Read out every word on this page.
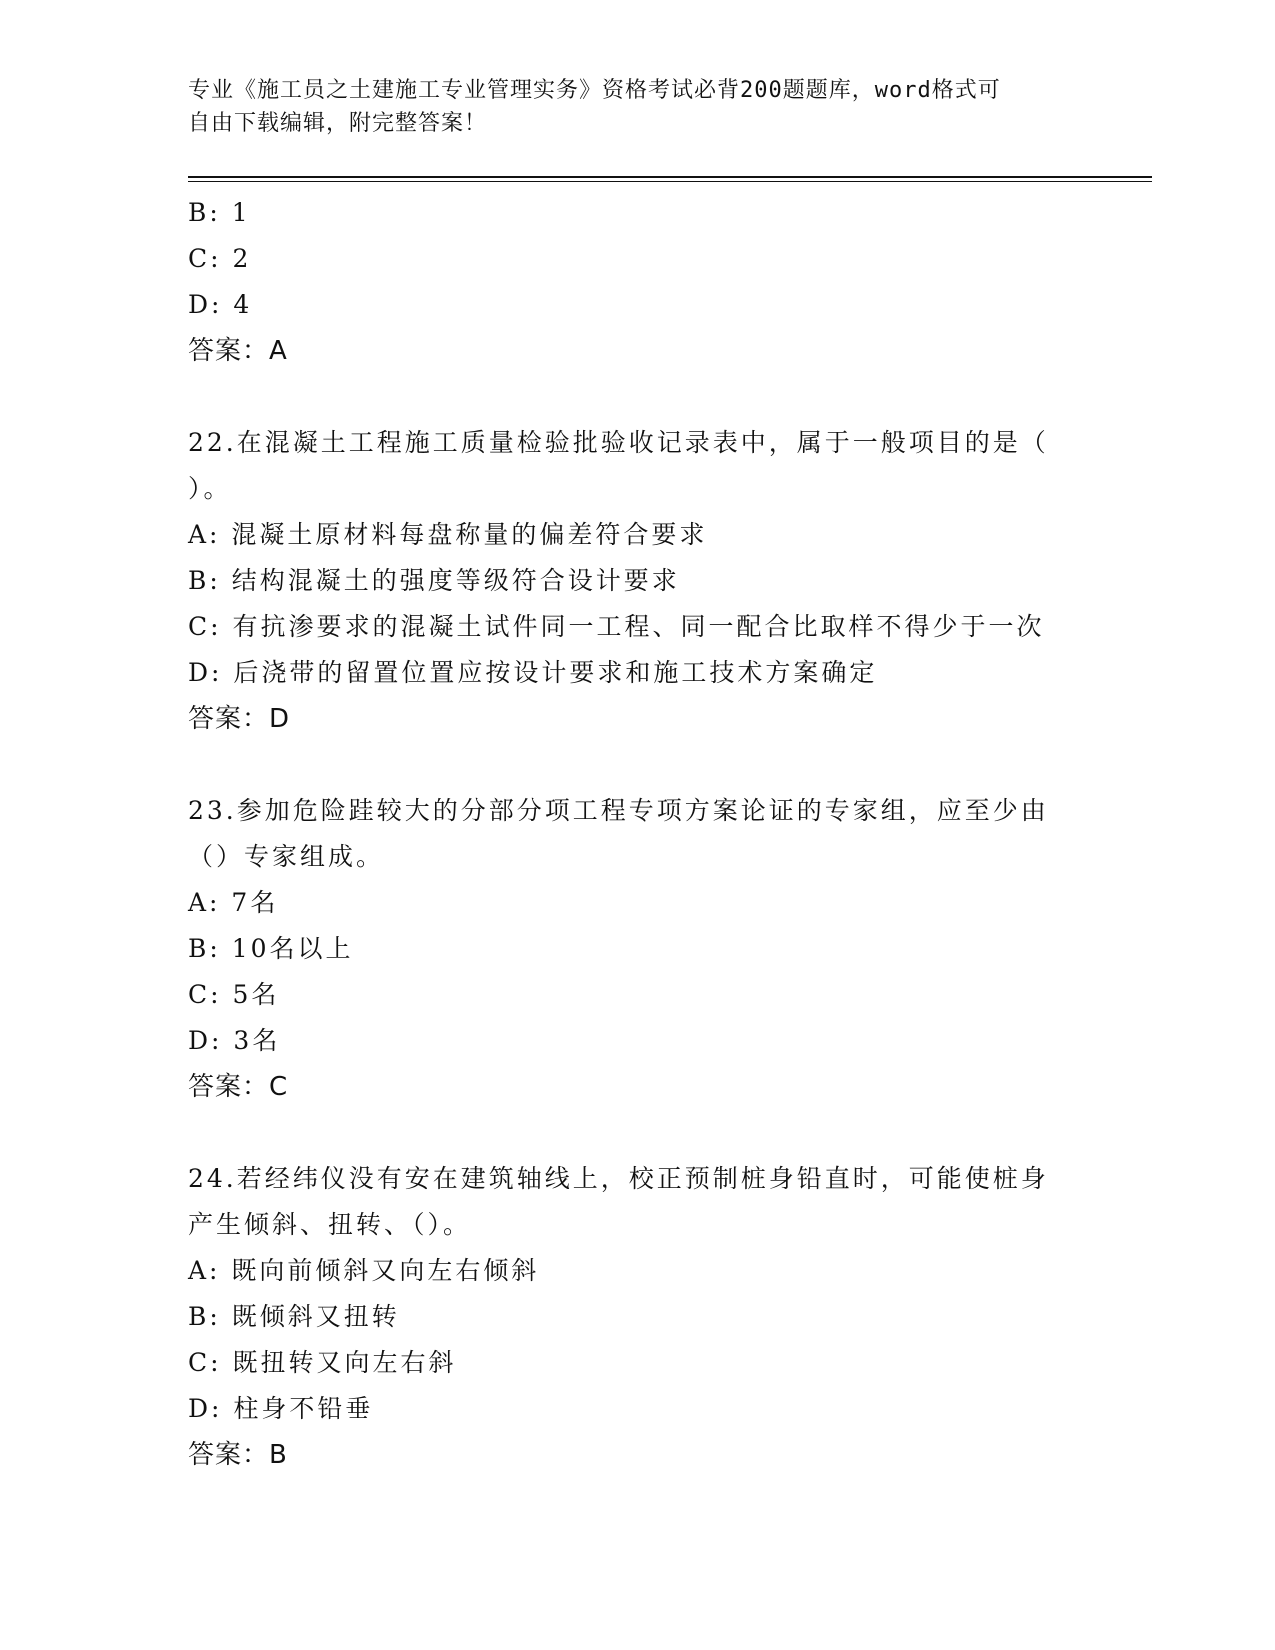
专业《施工员之土建施工专业管理实务》资格考试必背200题题库，word格式可
自由下载编辑，附完整答案！
B: 1
C: 2
D: 4
答案：A
22.在混凝土工程施工质量检验批验收记录表中，属于一般项目的是（
）。
A: 混凝土原材料每盘称量的偏差符合要求
B: 结构混凝土的强度等级符合设计要求
C: 有抗渗要求的混凝土试件同一工程、同一配合比取样不得少于一次
D: 后浇带的留置位置应按设计要求和施工技术方案确定
答案：D
23.参加危险跬较大的分部分项工程专项方案论证的专家组，应至少由
（）专家组成。
A: 7名
B: 10名以上
C: 5名
D: 3名
答案：C
24.若经纬仪没有安在建筑轴线上，校正预制桩身铅直时，可能使桩身
产生倾斜、扭转、（）。
A: 既向前倾斜又向左右倾斜
B: 既倾斜又扭转
C: 既扭转又向左右斜
D: 柱身不铅垂
答案：B
